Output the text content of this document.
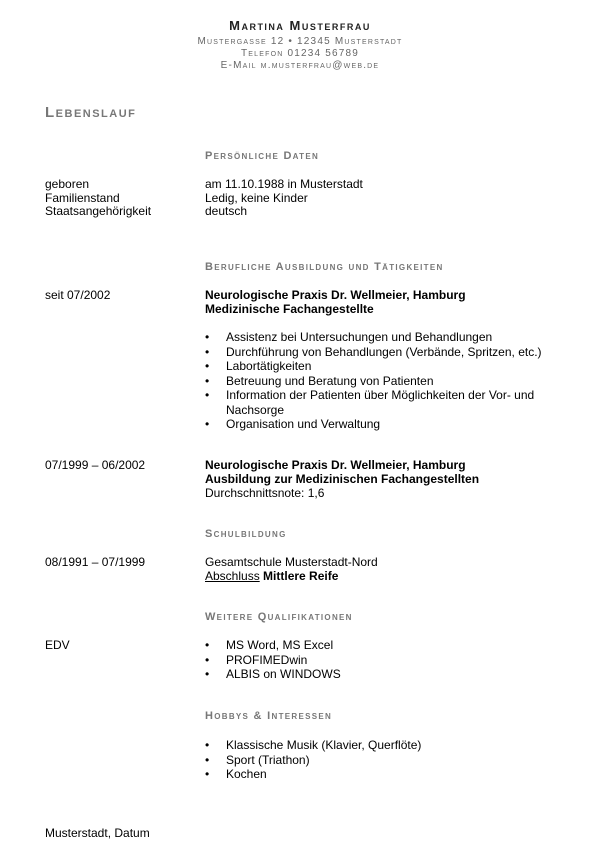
Martina Musterfrau
Mustergasse 12 • 12345 Musterstadt
Telefon 01234 56789
E-Mail m.musterfrau@web.de
Lebenslauf
Persönliche Daten
geboren	am 11.10.1988 in Musterstadt
Familienstand	Ledig, keine Kinder
Staatsangehörigkeit	deutsch
Berufliche Ausbildung und Tätigkeiten
seit 07/2002	Neurologische Praxis Dr. Wellmeier, Hamburg
Medizinische Fachangestellte
• Assistenz bei Untersuchungen und Behandlungen
• Durchführung von Behandlungen (Verbände, Spritzen, etc.)
• Labortätigkeiten
• Betreuung und Beratung von Patienten
• Information der Patienten über Möglichkeiten der Vor- und Nachsorge
• Organisation und Verwaltung
07/1999 – 06/2002	Neurologische Praxis Dr. Wellmeier, Hamburg
Ausbildung zur Medizinischen Fachangestellten
Durchschnittsnote: 1,6
Schulbildung
08/1991 – 07/1999	Gesamtschule Musterstadt-Nord
Abschluss Mittlere Reife
Weitere Qualifikationen
EDV
•	MS Word, MS Excel
• PROFIMEDwin
• ALBIS on WINDOWS
Hobbys & Interessen
• Klassische Musik (Klavier, Querflöte)
• Sport (Triathon)
• Kochen
Musterstadt, Datum
